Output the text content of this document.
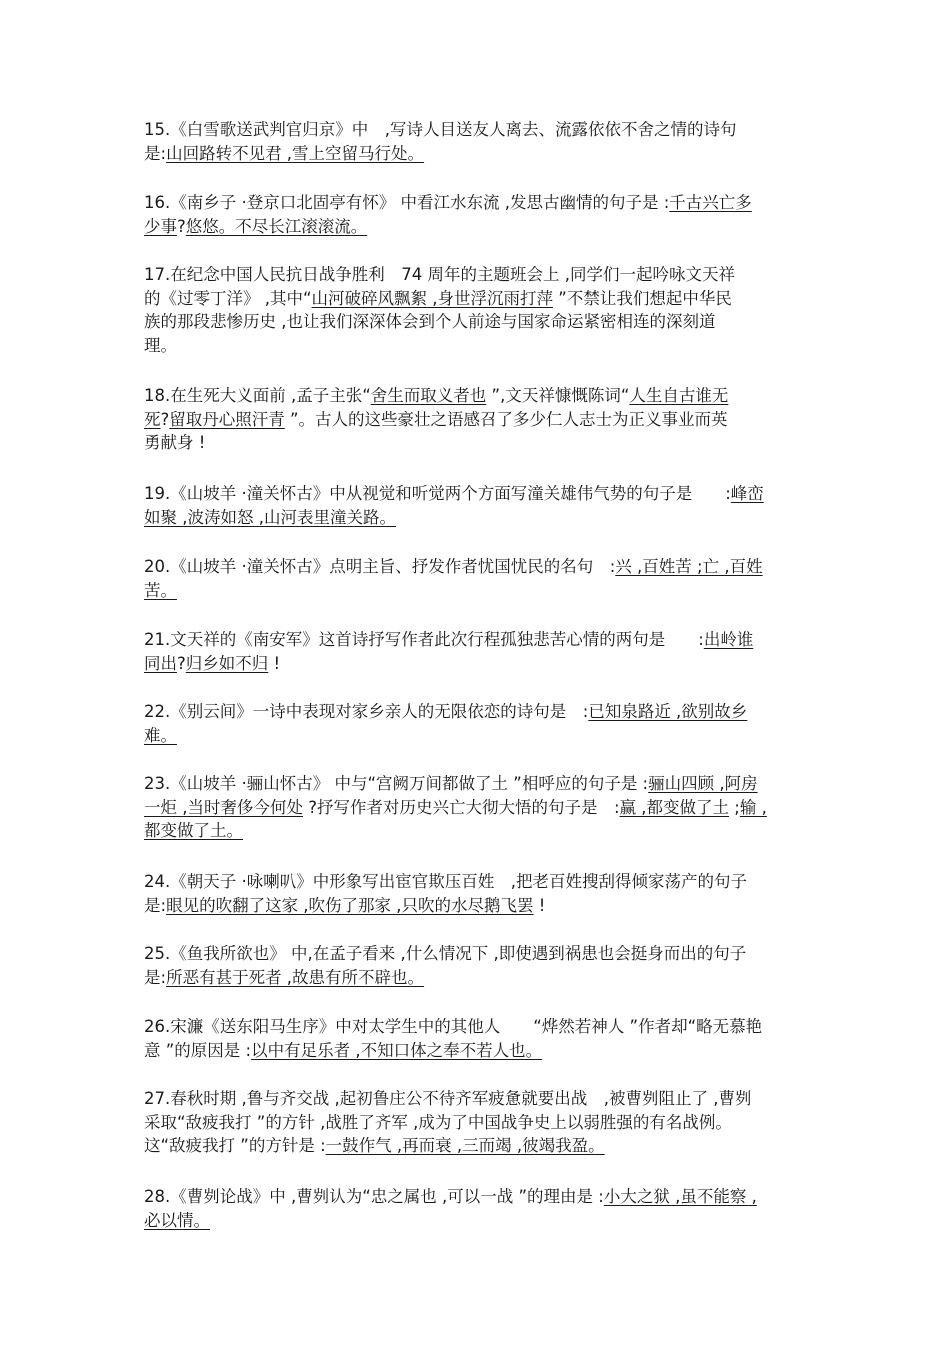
15.《白雪歌送武判官归京》中　,写诗人目送友人离去、流露依依不舍之情的诗句
是:山回路转不见君 ,雪上空留马行处。
16.《南乡子 ·登京口北固亭有怀》 中看江水东流 ,发思古幽情的句子是 :千古兴亡多
少事?悠悠。不尽长江滚滚流。
17.在纪念中国人民抗日战争胜利　74 周年的主题班会上 ,同学们一起吟咏文天祥
的《过零丁洋》 ,其中“山河破碎风飘絮 ,身世浮沉雨打萍 ”不禁让我们想起中华民
族的那段悲惨历史 ,也让我们深深体会到个人前途与国家命运紧密相连的深刻道
理。
18.在生死大义面前 ,孟子主张“舍生而取义者也 ”,文天祥慷慨陈词“人生自古谁无
死?留取丹心照汗青 ”。古人的这些豪壮之语感召了多少仁人志士为正义事业而英
勇献身 !
19.《山坡羊 ·潼关怀古》中从视觉和听觉两个方面写潼关雄伟气势的句子是　　:峰峦
如聚 ,波涛如怒 ,山河表里潼关路。
20.《山坡羊 ·潼关怀古》点明主旨、抒发作者忧国忧民的名句　:兴 ,百姓苦 ;亡 ,百姓
苦。
21.文天祥的《南安军》这首诗抒写作者此次行程孤独悲苦心情的两句是　　:出岭谁
同出?归乡如不归 !
22.《别云间》一诗中表现对家乡亲人的无限依恋的诗句是　:已知泉路近 ,欲别故乡
难。
23.《山坡羊 ·骊山怀古》 中与“宫阙万间都做了土 ”相呼应的句子是 :骊山四顾 ,阿房
一炬 ,当时奢侈今何处 ?抒写作者对历史兴亡大彻大悟的句子是　:赢 ,都变做了土 ;输 ,
都变做了土。
24.《朝天子 ·咏喇叭》中形象写出宦官欺压百姓　,把老百姓搜刮得倾家荡产的句子
是:眼见的吹翻了这家 ,吹伤了那家 ,只吹的水尽鹅飞罢 !
25.《鱼我所欲也》 中,在孟子看来 ,什么情况下 ,即使遇到祸患也会挺身而出的句子
是:所恶有甚于死者 ,故患有所不辟也。
26.宋濂《送东阳马生序》中对太学生中的其他人　　“烨然若神人 ”作者却“略无慕艳
意 ”的原因是 :以中有足乐者 ,不知口体之奉不若人也。
27.春秋时期 ,鲁与齐交战 ,起初鲁庄公不待齐军疲惫就要出战　,被曹刿阻止了 ,曹刿
采取“敌疲我打 ”的方针 ,战胜了齐军 ,成为了中国战争史上以弱胜强的有名战例。
这“敌疲我打 ”的方针是 :一鼓作气 ,再而衰 ,三而竭 ,彼竭我盈。
28.《曹刿论战》中 ,曹刿认为“忠之属也 ,可以一战 ”的理由是 :小大之狱 ,虽不能察 ,
必以情。
